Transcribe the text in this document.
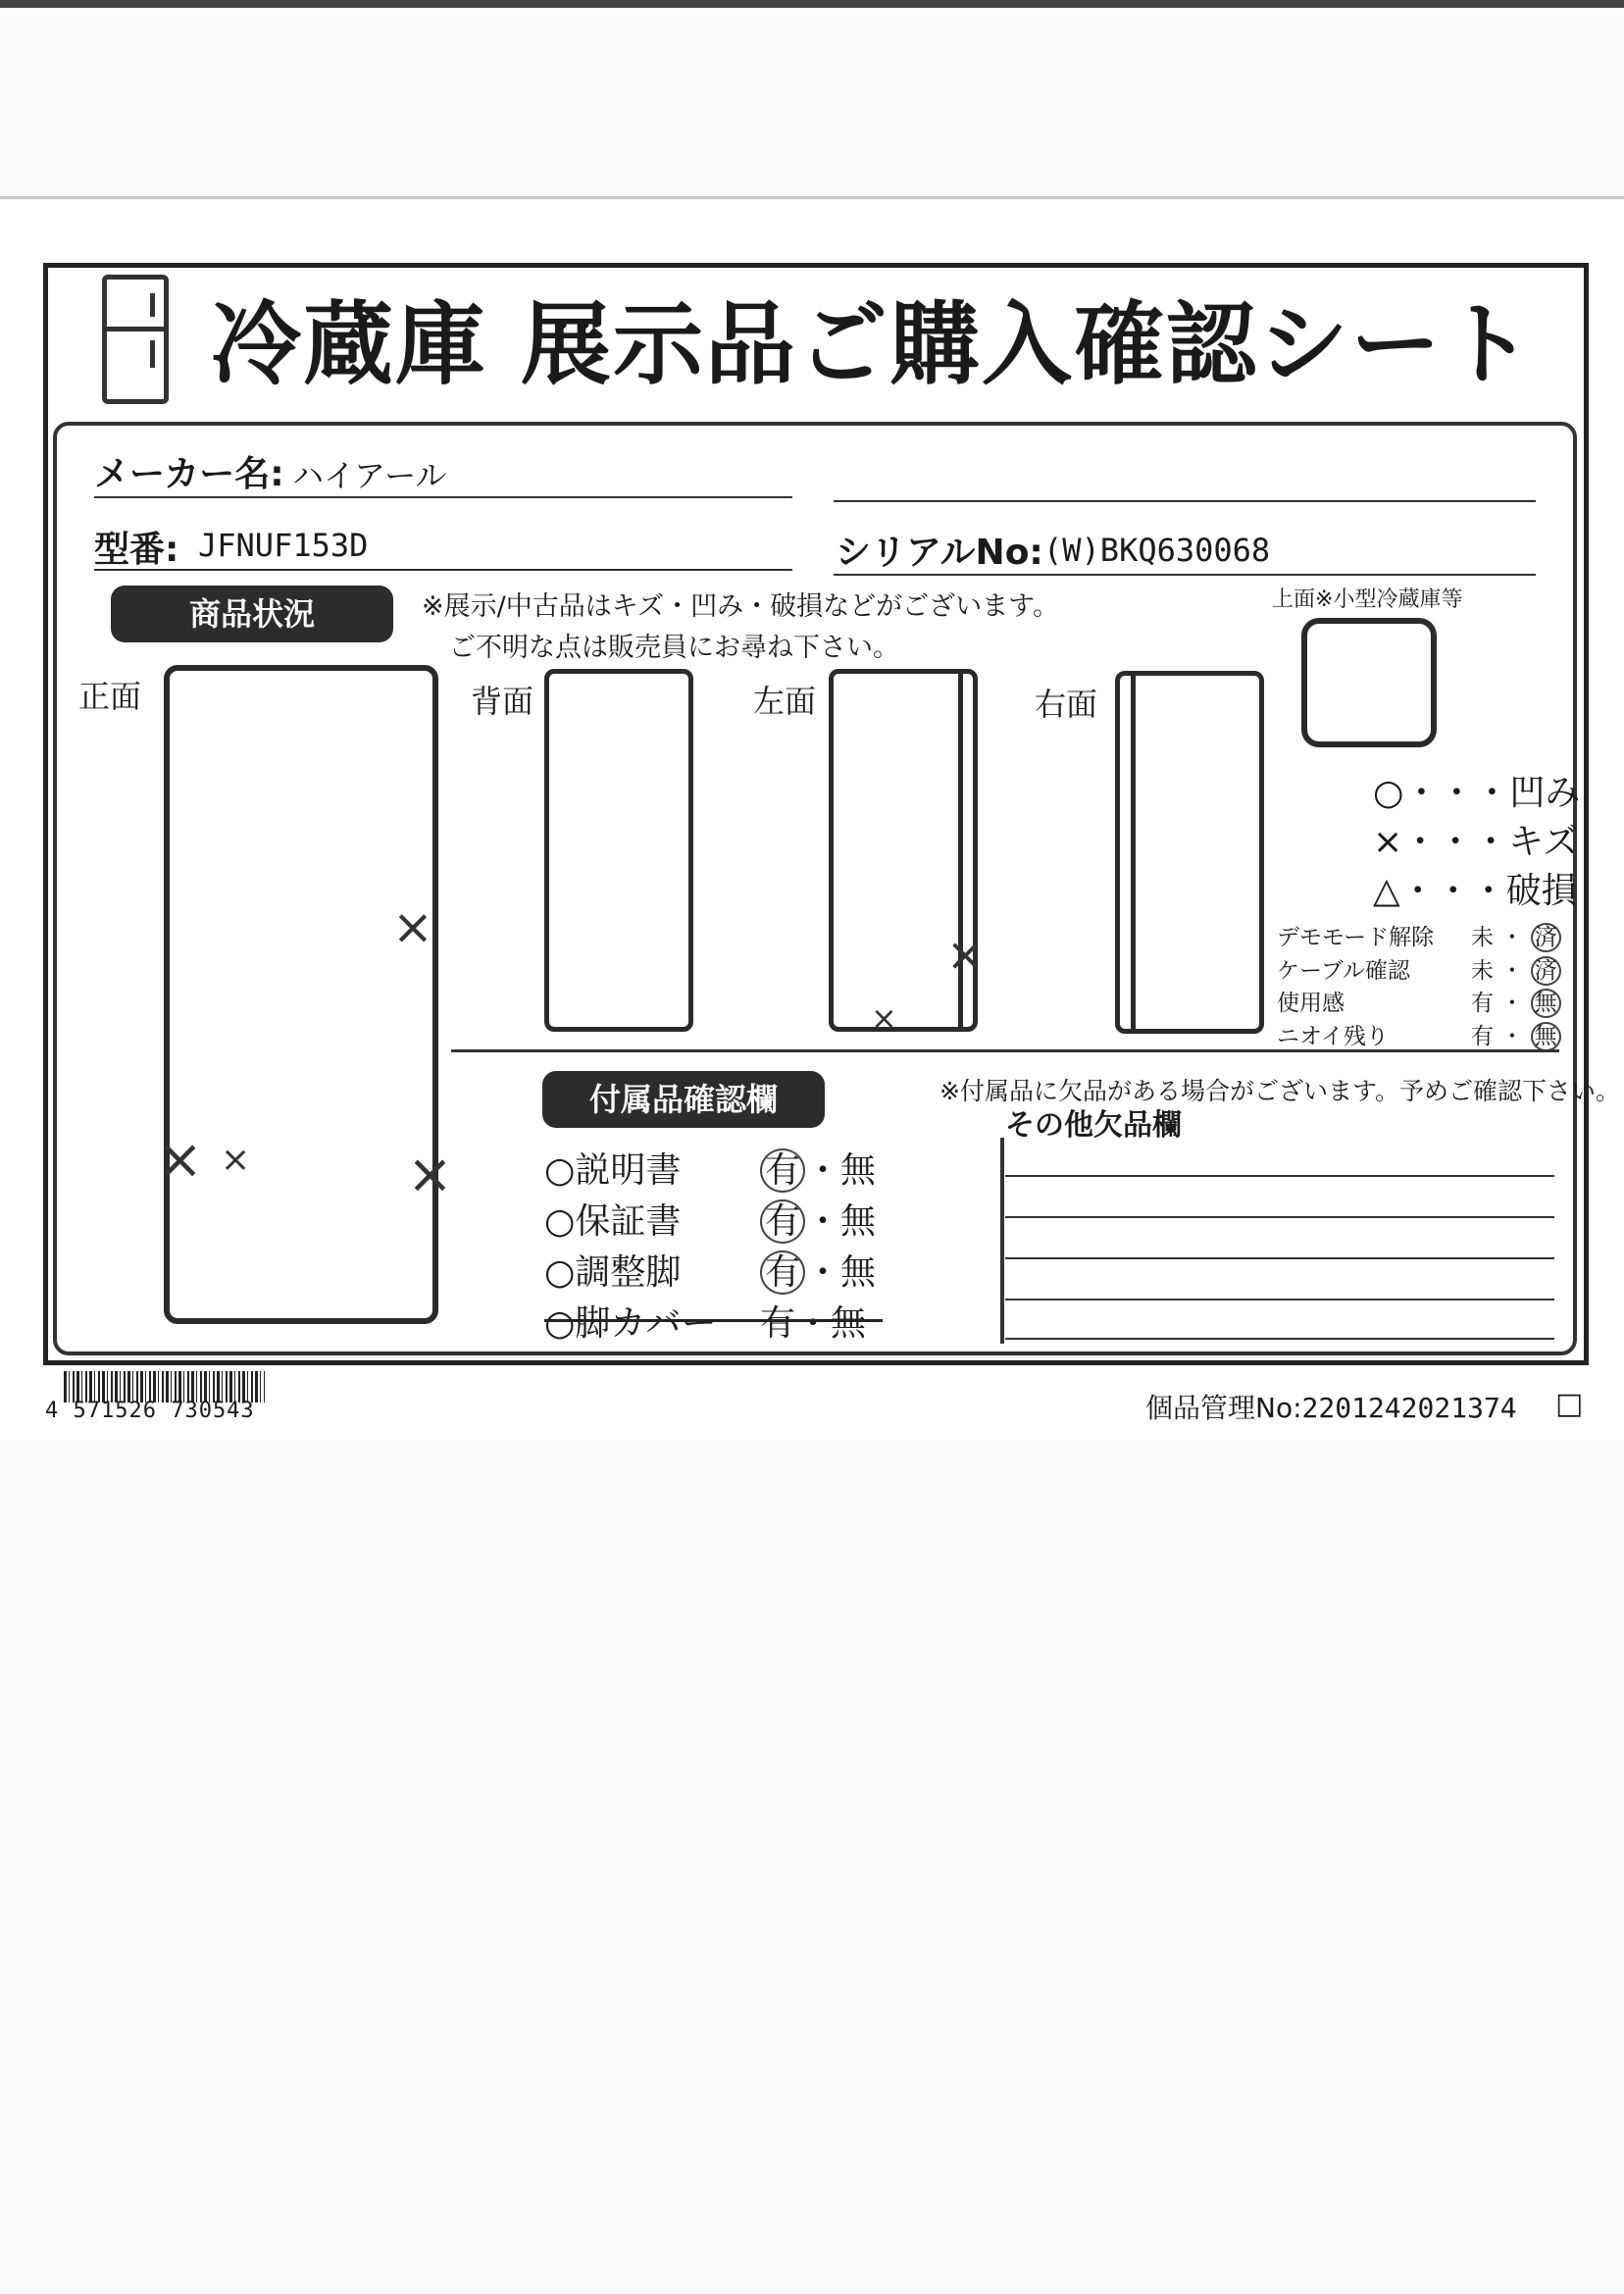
冷蔵庫 展示品ご購入確認シート
メーカー名: ハイアール
型番: JFNUF153D	シリアルNo: (W)BKQ630068
商品状況	※展示/中古品はキズ・凹み・破損などがございます。
ご不明な点は販売員にお尋ね下さい。
正面	背面	左面	右面
上面※小型冷蔵庫等
○・・・凹み
×・・・キズ
△・・・破損
デモモード解除 未 ・ 済
ケーブル確認	未 ・ 済
使用感	有 ・ 無
ニオイ残り	有 ・ 無
×
× ×	×
×
×
付属品確認欄	※付属品に欠品がある場合がございます。予めご確認下さい。
○説明書 有 ・無
○保証書 有 ・無
○調整脚 有 ・無
○脚カバー 有・無
その他欠品欄
4 571526 730543	個品管理No:2201242021374 □
